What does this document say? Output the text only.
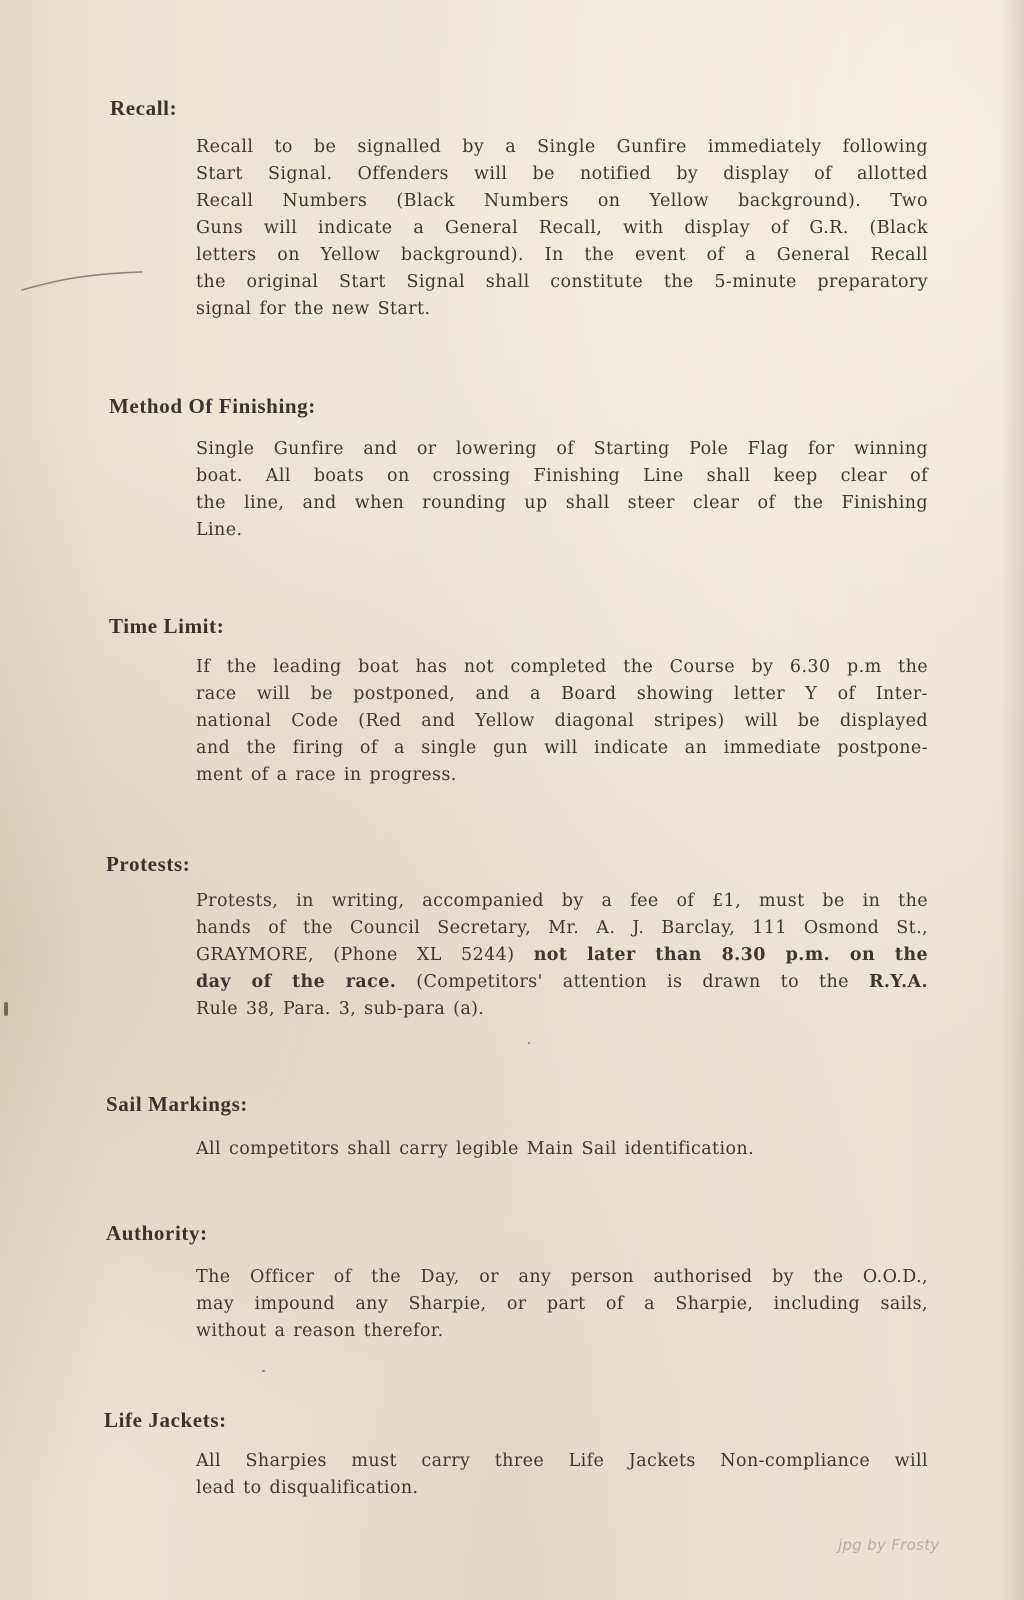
Recall:
Recall to be signalled by a Single Gunfire immediately following
Start Signal. Offenders will be notified by display of allotted
Recall Numbers (Black Numbers on Yellow background). Two
Guns will indicate a General Recall, with display of G.R. (Black
letters on Yellow background). In the event of a General Recall
the original Start Signal shall constitute the 5-minute preparatory
signal for the new Start.
Method Of Finishing:
Single Gunfire and or lowering of Starting Pole Flag for winning
boat. All boats on crossing Finishing Line shall keep clear of
the line, and when rounding up shall steer clear of the Finishing
Line.
Time Limit:
If the leading boat has not completed the Course by 6.30 p.m the
race will be postponed, and a Board showing letter Y of Inter-
national Code (Red and Yellow diagonal stripes) will be displayed
and the firing of a single gun will indicate an immediate postpone-
ment of a race in progress.
Protests:
Protests, in writing, accompanied by a fee of £1, must be in the
hands of the Council Secretary, Mr. A. J. Barclay, 111 Osmond St.,
GRAYMORE, (Phone XL 5244) not later than 8.30 p.m. on the
day of the race. (Competitors' attention is drawn to the R.Y.A.
Rule 38, Para. 3, sub-para (a).
Sail Markings:
All competitors shall carry legible Main Sail identification.
Authority:
The Officer of the Day, or any person authorised by the O.O.D.,
may impound any Sharpie, or part of a Sharpie, including sails,
without a reason therefor.
Life Jackets:
All Sharpies must carry three Life Jackets Non-compliance will
lead to disqualification.
jpg by Frosty
